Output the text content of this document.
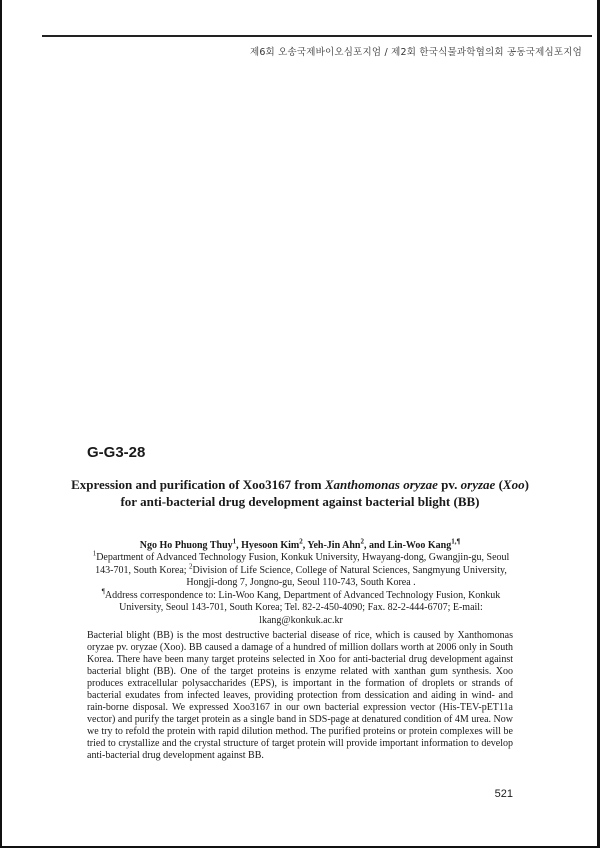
제6회 오송국제바이오심포지엄 / 제2회 한국식물과학협의회 공동국제심포지엄
G-G3-28
Expression and purification of Xoo3167 from Xanthomonas oryzae pv. oryzae (Xoo) for anti-bacterial drug development against bacterial blight (BB)
Ngo Ho Phuong Thuy$^1$, Hyesoon Kim$^2$, Yeh-Jin Ahn$^2$, and Lin-Woo Kang$^{1,\P}$
$^1$Department of Advanced Technology Fusion, Konkuk University, Hwayang-dong, Gwangjin-gu, Seoul 143-701, South Korea; $^2$Division of Life Science, College of Natural Sciences, Sangmyung University, Hongji-dong 7, Jongno-gu, Seoul 110-743, South Korea .
¶Address correspondence to: Lin-Woo Kang, Department of Advanced Technology Fusion, Konkuk University, Seoul 143-701, South Korea; Tel. 82-2-450-4090; Fax. 82-2-444-6707; E-mail: lkang@konkuk.ac.kr
Bacterial blight (BB) is the most destructive bacterial disease of rice, which is caused by Xanthomonas oryzae pv. oryzae (Xoo). BB caused a damage of a hundred of million dollars worth at 2006 only in South Korea. There have been many target proteins selected in Xoo for anti-bacterial drug development against bacterial blight (BB). One of the target proteins is enzyme related with xanthan gum synthesis. Xoo produces extracellular polysaccharides (EPS), is important in the formation of droplets or strands of bacterial exudates from infected leaves, providing protection from dessication and aiding in wind- and rain-borne disposal. We expressed Xoo3167 in our own bacterial expression vector (His-TEV-pET11a vector) and purify the target protein as a single band in SDS-page at denatured condition of 4M urea. Now we try to refold the protein with rapid dilution method. The purified proteins or protein complexes will be tried to crystallize and the crystal structure of target protein will provide important information to develop anti-bacterial drug development against BB.
521
